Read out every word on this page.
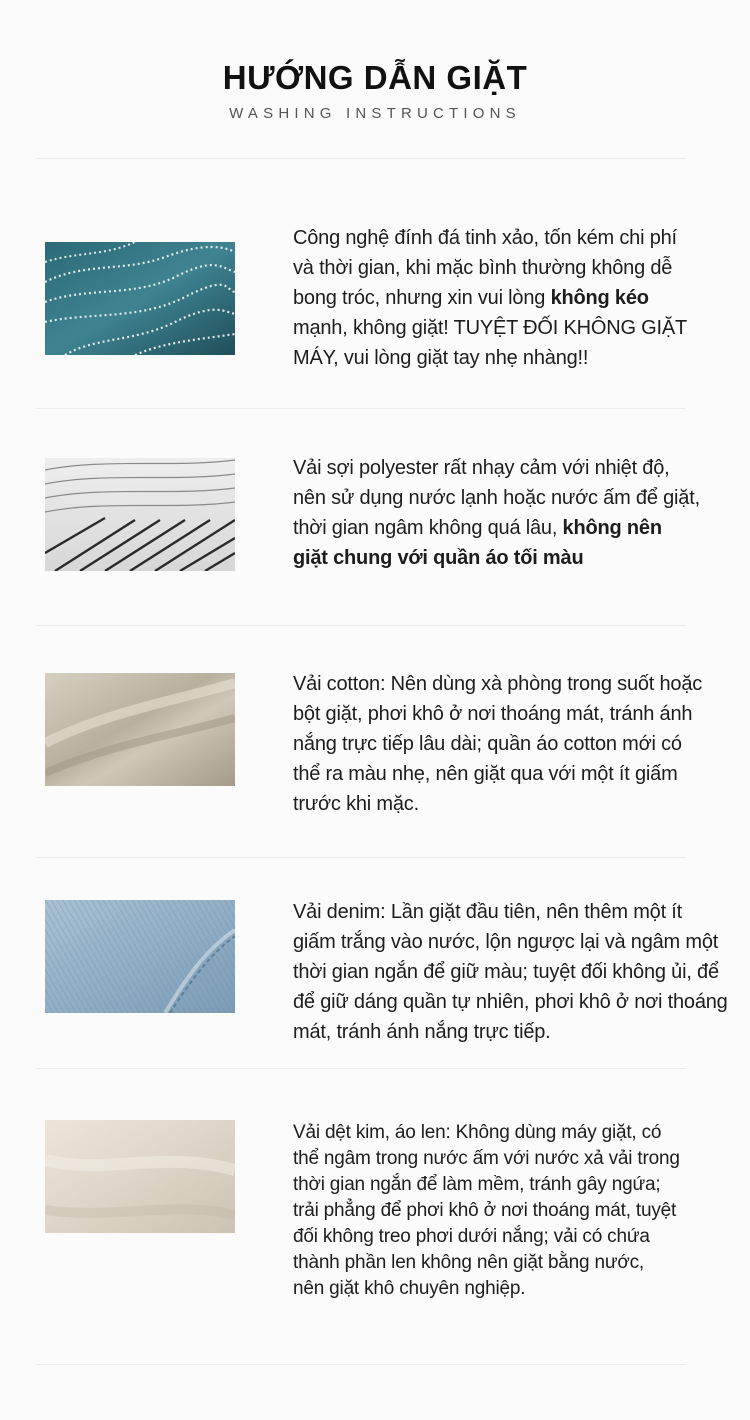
HƯỚNG DẪN GIẶT
WASHING INSTRUCTIONS
Công nghệ đính đá tinh xảo, tốn kém chi phí
và thời gian, khi mặc bình thường không dễ
bong tróc, nhưng xin vui lòng không kéo
mạnh, không giặt! TUYỆT ĐỐI KHÔNG GIẶT
MÁY, vui lòng giặt tay nhẹ nhàng!!
Vải sợi polyester rất nhạy cảm với nhiệt độ,
nên sử dụng nước lạnh hoặc nước ấm để giặt,
thời gian ngâm không quá lâu, không nên
giặt chung với quần áo tối màu
Vải cotton: Nên dùng xà phòng trong suốt hoặc
bột giặt, phơi khô ở nơi thoáng mát, tránh ánh
nắng trực tiếp lâu dài; quần áo cotton mới có
thể ra màu nhẹ, nên giặt qua với một ít giấm
trước khi mặc.
Vải denim: Lần giặt đầu tiên, nên thêm một ít
giấm trắng vào nước, lộn ngược lại và ngâm một
thời gian ngắn để giữ màu; tuyệt đối không ủi, để
để giữ dáng quần tự nhiên, phơi khô ở nơi thoáng
mát, tránh ánh nắng trực tiếp.
Vải dệt kim, áo len: Không dùng máy giặt, có
thể ngâm trong nước ấm với nước xả vải trong
thời gian ngắn để làm mềm, tránh gây ngứa;
trải phẳng để phơi khô ở nơi thoáng mát, tuyệt
đối không treo phơi dưới nắng; vải có chứa
thành phần len không nên giặt bằng nước,
nên giặt khô chuyên nghiệp.
